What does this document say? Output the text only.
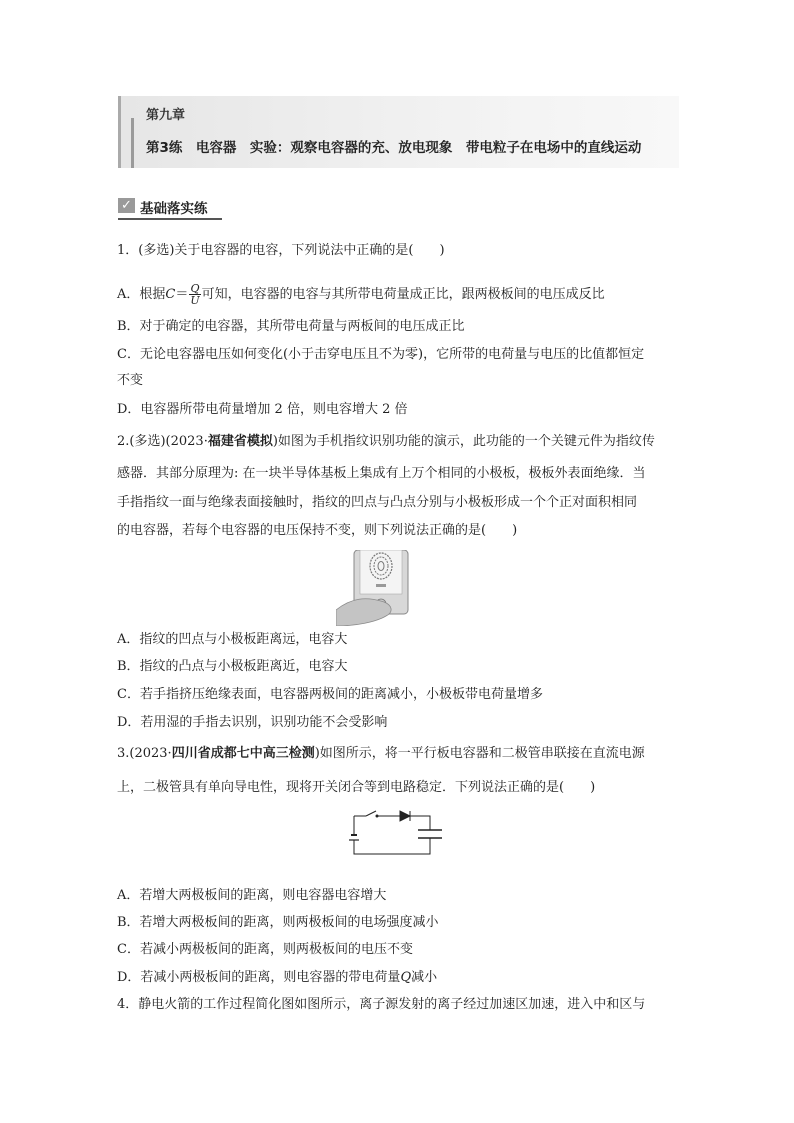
第九章
第3练　电容器　实验：观察电容器的充、放电现象　带电粒子在电场中的直线运动
✓ 基础落实练
1．(多选)关于电容器的电容，下列说法中正确的是(　　)
A．根据$C= \frac{Q}{U}$ 可知，电容器的电容与其所带电荷量成正比，跟两极板间的电压成反比
B．对于确定的电容器，其所带电荷量与两板间的电压成正比
C．无论电容器电压如何变化(小于击穿电压且不为零)，它所带的电荷量与电压的比值都恒定
不变
D．电容器所带电荷量增加 2 倍，则电容增大 2 倍
2.(多选)(2023·福建省模拟)如图为手机指纹识别功能的演示，此功能的一个关键元件为指纹传
感器．其部分原理为: 在一块半导体基板上集成有上万个相同的小极板，极板外表面绝缘．当
手指指纹一面与绝缘表面接触时，指纹的凹点与凸点分别与小极板形成一个个正对面积相同
的电容器，若每个电容器的电压保持不变，则下列说法正确的是(　　)
A．指纹的凹点与小极板距离远，电容大
B．指纹的凸点与小极板距离近，电容大
C．若手指挤压绝缘表面，电容器两极间的距离减小，小极板带电荷量增多
D．若用湿的手指去识别，识别功能不会受影响
3.(2023·四川省成都七中高三检测)如图所示，将一平行板电容器和二极管串联接在直流电源
上，二极管具有单向导电性，现将开关闭合等到电路稳定．下列说法正确的是(　　)
A．若增大两极板间的距离，则电容器电容增大
B．若增大两极板间的距离，则两极板间的电场强度减小
C．若减小两极板间的距离，则两极板间的电压不变
D．若减小两极板间的距离，则电容器的带电荷量Q减小
4．静电火箭的工作过程简化图如图所示，离子源发射的离子经过加速区加速，进入中和区与
